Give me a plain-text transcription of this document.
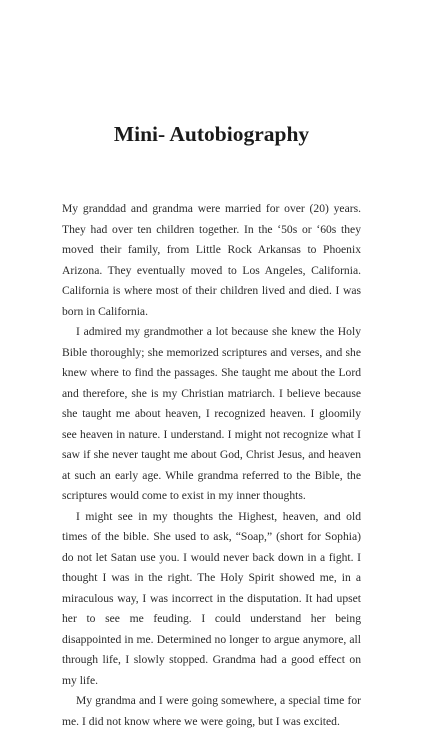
Mini- Autobiography

My granddad and grandma were married for over (20) years. They had over ten children together. In the ‘50s or ‘60s they moved their family, from Little Rock Arkansas to Phoenix Arizona. They eventually moved to Los Angeles, California. California is where most of their children lived and died. I was born in California.

I admired my grandmother a lot because she knew the Holy Bible thoroughly; she memorized scriptures and verses, and she knew where to find the passages. She taught me about the Lord and therefore, she is my Christian matriarch. I believe because she taught me about heaven, I recognized heaven. I gloomily see heaven in nature. I understand. I might not recognize what I saw if she never taught me about God, Christ Jesus, and heaven at such an early age. While grandma referred to the Bible, the scriptures would come to exist in my inner thoughts.

I might see in my thoughts the Highest, heaven, and old times of the bible. She used to ask, “Soap,” (short for Sophia) do not let Satan use you. I would never back down in a fight. I thought I was in the right. The Holy Spirit showed me, in a miraculous way, I was incorrect in the disputation. It had upset her to see me feuding. I could understand her being disappointed in me. Determined no longer to argue anymore, all through life, I slowly stopped. Grandma had a good effect on my life.

My grandma and I were going somewhere, a special time for me. I did not know where we were going, but I was excited.
